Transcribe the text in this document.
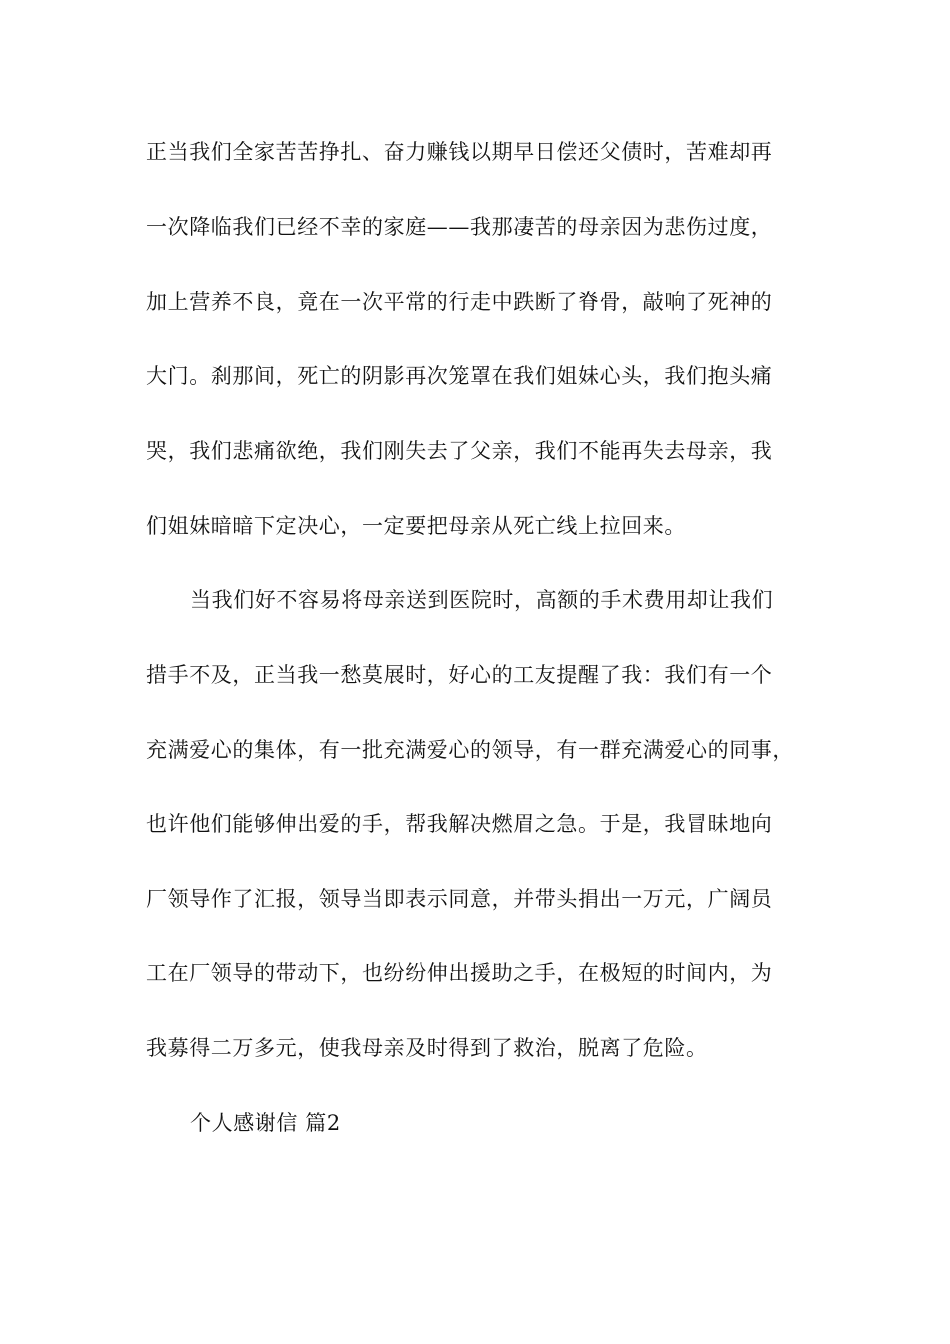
正当我们全家苦苦挣扎、奋力赚钱以期早日偿还父债时，苦难却再
一次降临我们已经不幸的家庭——我那凄苦的母亲因为悲伤过度，
加上营养不良，竟在一次平常的行走中跌断了脊骨，敲响了死神的
大门。刹那间，死亡的阴影再次笼罩在我们姐妹心头，我们抱头痛
哭，我们悲痛欲绝，我们刚失去了父亲，我们不能再失去母亲，我
们姐妹暗暗下定决心，一定要把母亲从死亡线上拉回来。
当我们好不容易将母亲送到医院时，高额的手术费用却让我们
措手不及，正当我一愁莫展时，好心的工友提醒了我：我们有一个
充满爱心的集体，有一批充满爱心的领导，有一群充满爱心的同事，
也许他们能够伸出爱的手，帮我解决燃眉之急。于是，我冒昧地向
厂领导作了汇报，领导当即表示同意，并带头捐出一万元，广阔员
工在厂领导的带动下，也纷纷伸出援助之手，在极短的时间内，为
我募得二万多元，使我母亲及时得到了救治，脱离了危险。
个人感谢信 篇2
